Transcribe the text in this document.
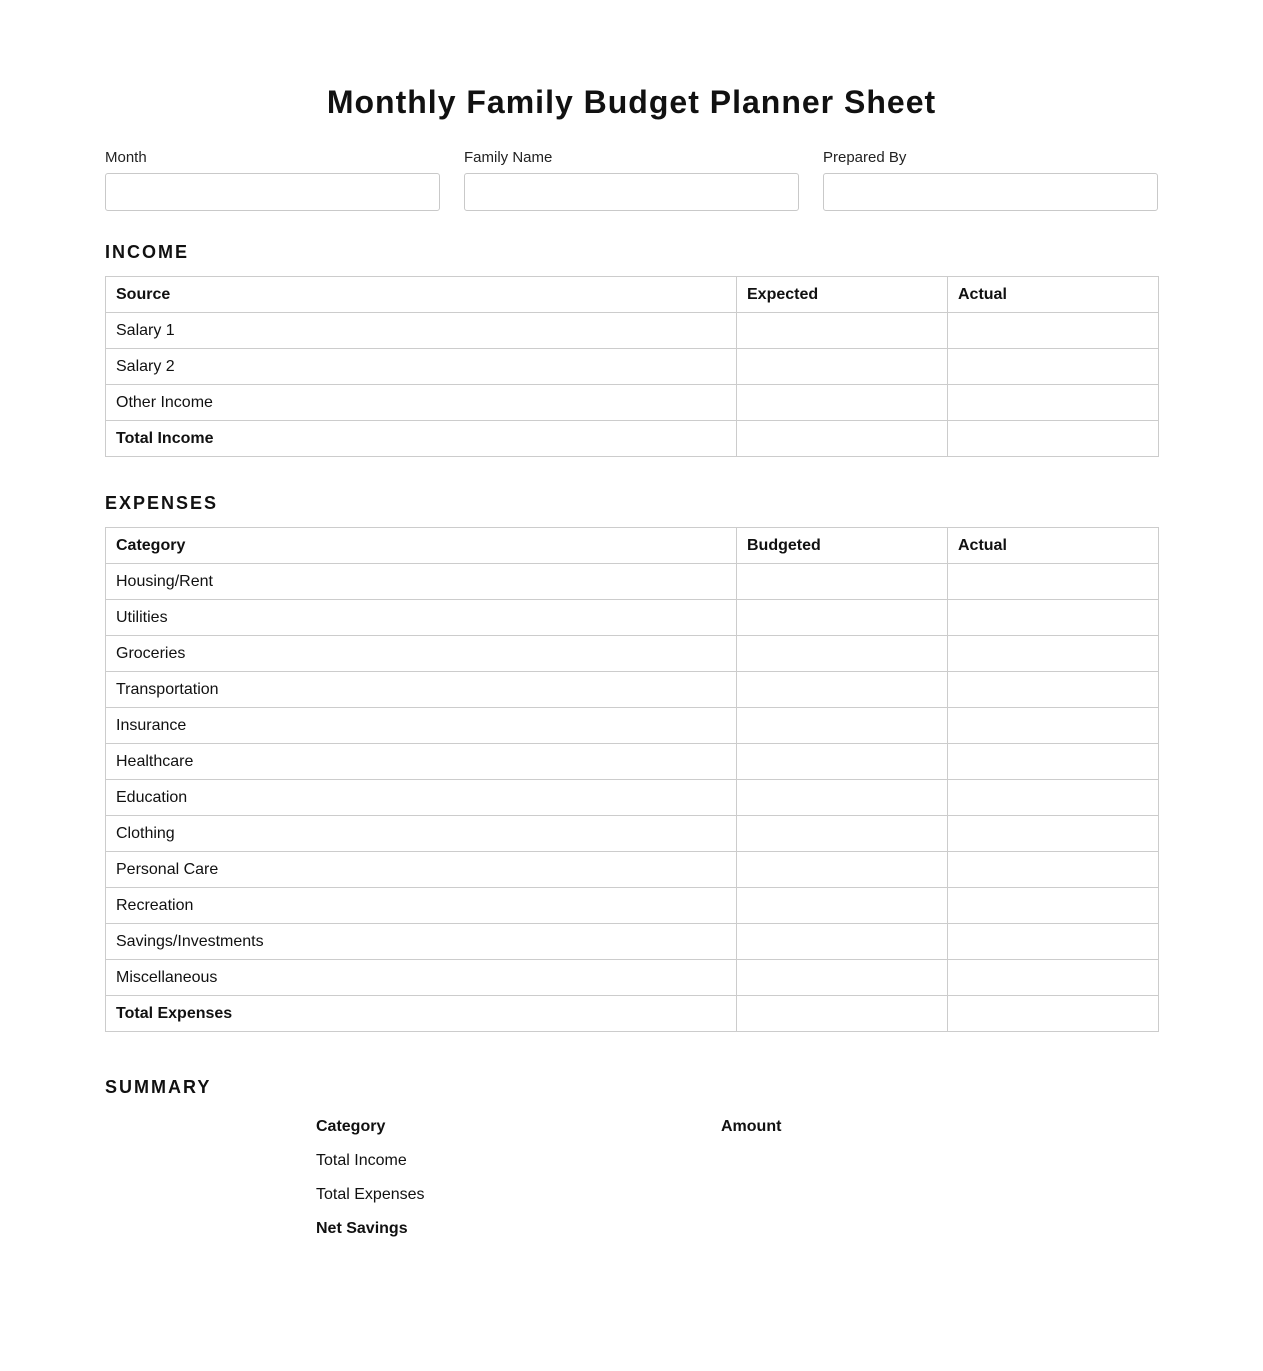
Monthly Family Budget Planner Sheet
Month	Family Name	Prepared By
INCOME
Source	Expected	Actual
Salary 1		
Salary 2		
Other Income		
Total Income		
EXPENSES
Category	Budgeted	Actual
Housing/Rent		
Utilities		
Groceries		
Transportation		
Insurance		
Healthcare		
Education		
Clothing		
Personal Care		
Recreation		
Savings/Investments		
Miscellaneous		
Total Expenses		
SUMMARY
Category	Amount
Total Income
Total Expenses
Net Savings
